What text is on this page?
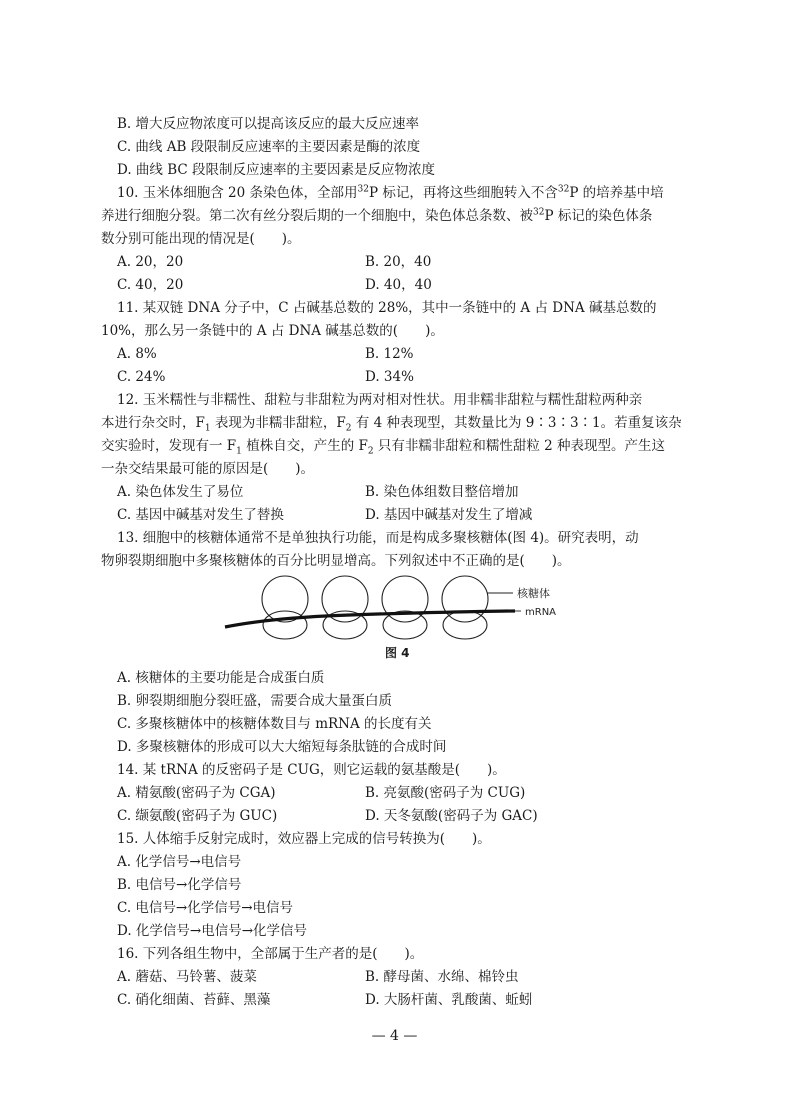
B. 增大反应物浓度可以提高该反应的最大反应速率
C. 曲线 AB 段限制反应速率的主要因素是酶的浓度
D. 曲线 BC 段限制反应速率的主要因素是反应物浓度
10. 玉米体细胞含 20 条染色体，全部用$^{32}$P 标记，再将这些细胞转入不含$^{32}$P 的培养基中培
养进行细胞分裂。第二次有丝分裂后期的一个细胞中，染色体总条数、被$^{32}$P 标记的染色体条
数分别可能出现的情况是(　　)。
A. 20，20	B. 20，40
C. 40，20	D. 40，40
11. 某双链 DNA 分子中，C 占碱基总数的 28%，其中一条链中的 A 占 DNA 碱基总数的
10%，那么另一条链中的 A 占 DNA 碱基总数的(　　)。
A. 8%	B. 12%
C. 24%	D. 34%
12. 玉米糯性与非糯性、甜粒与非甜粒为两对相对性状。用非糯非甜粒与糯性甜粒两种亲
本进行杂交时，$F_1$ 表现为非糯非甜粒，$F_2$ 有 4 种表现型，其数量比为 9∶3∶3∶1。若重复该杂
交实验时，发现有一 $F_1$ 植株自交，产生的 $F_2$ 只有非糯非甜粒和糯性甜粒 2 种表现型。产生这
一杂交结果最可能的原因是(　　)。
A. 染色体发生了易位	B. 染色体组数目整倍增加
C. 基因中碱基对发生了替换	D. 基因中碱基对发生了增减
13. 细胞中的核糖体通常不是单独执行功能，而是构成多聚核糖体(图 4)。研究表明，动
物卵裂期细胞中多聚核糖体的百分比明显增高。下列叙述中不正确的是(　　)。
核糖体
mRNA
图 4
A. 核糖体的主要功能是合成蛋白质
B. 卵裂期细胞分裂旺盛，需要合成大量蛋白质
C. 多聚核糖体中的核糖体数目与 mRNA 的长度有关
D. 多聚核糖体的形成可以大大缩短每条肽链的合成时间
14. 某 tRNA 的反密码子是 CUG，则它运载的氨基酸是(　　)。
A. 精氨酸(密码子为 CGA)	B. 亮氨酸(密码子为 CUG)
C. 缬氨酸(密码子为 GUC)	D. 天冬氨酸(密码子为 GAC)
15. 人体缩手反射完成时，效应器上完成的信号转换为(　　)。
A. 化学信号→电信号
B. 电信号→化学信号
C. 电信号→化学信号→电信号
D. 化学信号→电信号→化学信号
16. 下列各组生物中，全部属于生产者的是(　　)。
A. 蘑菇、马铃薯、菠菜	B. 酵母菌、水绵、棉铃虫
C. 硝化细菌、苔藓、黑藻	D. 大肠杆菌、乳酸菌、蚯蚓
— 4 —
